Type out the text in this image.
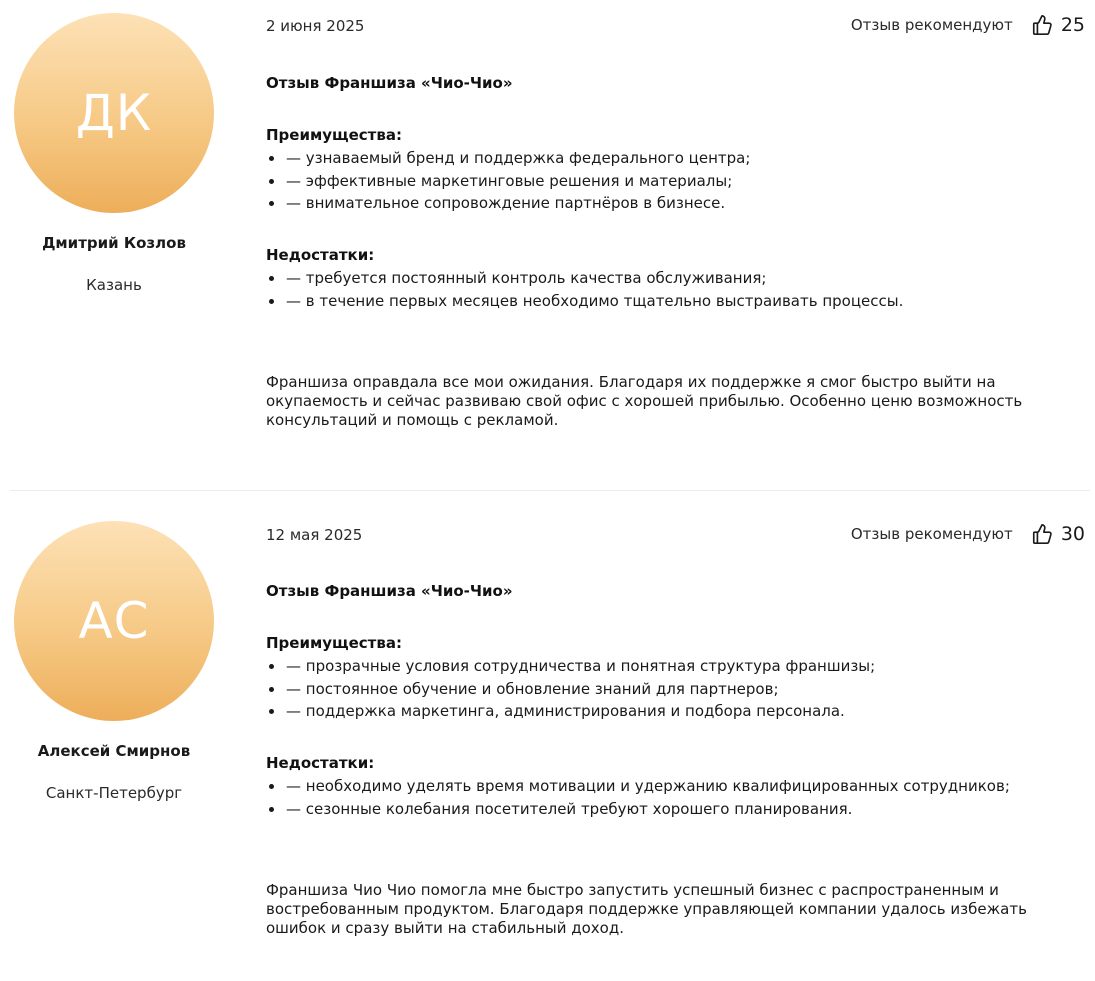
ДК
Дмитрий Козлов
Казань
2 июня 2025	Отзыв рекомендуют	25
Отзыв Франшиза «Чио-Чио»
Преимущества:
— узнаваемый бренд и поддержка федерального центра;
— эффективные маркетинговые решения и материалы;
— внимательное сопровождение партнёров в бизнесе.
Недостатки:
— требуется постоянный контроль качества обслуживания;
— в течение первых месяцев необходимо тщательно выстраивать процессы.

Франшиза оправдала все мои ожидания. Благодаря их поддержке я смог быстро выйти на окупаемость и сейчас развиваю свой офис с хорошей прибылью. Особенно ценю возможность консультаций и помощь с рекламой.

АС
Алексей Смирнов
Санкт-Петербург
12 мая 2025	Отзыв рекомендуют	30
Отзыв Франшиза «Чио-Чио»
Преимущества:
— прозрачные условия сотрудничества и понятная структура франшизы;
— постоянное обучение и обновление знаний для партнеров;
— поддержка маркетинга, администрирования и подбора персонала.
Недостатки:
— необходимо уделять время мотивации и удержанию квалифицированных сотрудников;
— сезонные колебания посетителей требуют хорошего планирования.

Франшиза Чио Чио помогла мне быстро запустить успешный бизнес с распространенным и востребованным продуктом. Благодаря поддержке управляющей компании удалось избежать ошибок и сразу выйти на стабильный доход.
